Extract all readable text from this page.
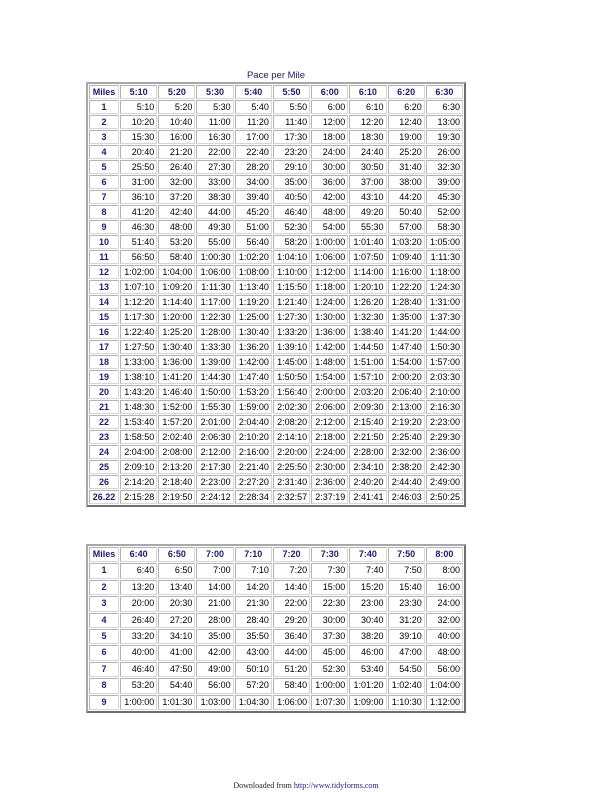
Pace per Mile
Miles	5:10	5:20	5:30	5:40	5:50	6:00	6:10	6:20	6:30
1	5:10	5:20	5:30	5:40	5:50	6:00	6:10	6:20	6:30
2	10:20	10:40	11:00	11:20	11:40	12:00	12:20	12:40	13:00
3	15:30	16:00	16:30	17:00	17:30	18:00	18:30	19:00	19:30
4	20:40	21:20	22:00	22:40	23:20	24:00	24:40	25:20	26:00
5	25:50	26:40	27:30	28:20	29:10	30:00	30:50	31:40	32:30
6	31:00	32:00	33:00	34:00	35:00	36:00	37:00	38:00	39:00
7	36:10	37:20	38:30	39:40	40:50	42:00	43:10	44:20	45:30
8	41:20	42:40	44:00	45:20	46:40	48:00	49:20	50:40	52:00
9	46:30	48:00	49:30	51:00	52:30	54:00	55:30	57:00	58:30
10	51:40	53:20	55:00	56:40	58:20	1:00:00	1:01:40	1:03:20	1:05:00
11	56:50	58:40	1:00:30	1:02:20	1:04:10	1:06:00	1:07:50	1:09:40	1:11:30
12	1:02:00	1:04:00	1:06:00	1:08:00	1:10:00	1:12:00	1:14:00	1:16:00	1:18:00
13	1:07:10	1:09:20	1:11:30	1:13:40	1:15:50	1:18:00	1:20:10	1:22:20	1:24:30
14	1:12:20	1:14:40	1:17:00	1:19:20	1:21:40	1:24:00	1:26:20	1:28:40	1:31:00
15	1:17:30	1:20:00	1:22:30	1:25:00	1:27:30	1:30:00	1:32:30	1:35:00	1:37:30
16	1:22:40	1:25:20	1:28:00	1:30:40	1:33:20	1:36:00	1:38:40	1:41:20	1:44:00
17	1:27:50	1:30:40	1:33:30	1:36:20	1:39:10	1:42:00	1:44:50	1:47:40	1:50:30
18	1:33:00	1:36:00	1:39:00	1:42:00	1:45:00	1:48:00	1:51:00	1:54:00	1:57:00
19	1:38:10	1:41:20	1:44:30	1:47:40	1:50:50	1:54:00	1:57:10	2:00:20	2:03:30
20	1:43:20	1:46:40	1:50:00	1:53:20	1:56:40	2:00:00	2:03:20	2:06:40	2:10:00
21	1:48:30	1:52:00	1:55:30	1:59:00	2:02:30	2:06:00	2:09:30	2:13:00	2:16:30
22	1:53:40	1:57:20	2:01:00	2:04:40	2:08:20	2:12:00	2:15:40	2:19:20	2:23:00
23	1:58:50	2:02:40	2:06:30	2:10:20	2:14:10	2:18:00	2:21:50	2:25:40	2:29:30
24	2:04:00	2:08:00	2:12:00	2:16:00	2:20:00	2:24:00	2:28:00	2:32:00	2:36:00
25	2:09:10	2:13:20	2:17:30	2:21:40	2:25:50	2:30:00	2:34:10	2:38:20	2:42:30
26	2:14:20	2:18:40	2:23:00	2:27:20	2:31:40	2:36:00	2:40:20	2:44:40	2:49:00
26.22	2:15:28	2:19:50	2:24:12	2:28:34	2:32:57	2:37:19	2:41:41	2:46:03	2:50:25
Miles	6:40	6:50	7:00	7:10	7:20	7:30	7:40	7:50	8:00
1	6:40	6:50	7:00	7:10	7:20	7:30	7:40	7:50	8:00
2	13:20	13:40	14:00	14:20	14:40	15:00	15:20	15:40	16:00
3	20:00	20:30	21:00	21:30	22:00	22:30	23:00	23:30	24:00
4	26:40	27:20	28:00	28:40	29:20	30:00	30:40	31:20	32:00
5	33:20	34:10	35:00	35:50	36:40	37:30	38:20	39:10	40:00
6	40:00	41:00	42:00	43:00	44:00	45:00	46:00	47:00	48:00
7	46:40	47:50	49:00	50:10	51:20	52:30	53:40	54:50	56:00
8	53:20	54:40	56:00	57:20	58:40	1:00:00	1:01:20	1:02:40	1:04:00
9	1:00:00	1:01:30	1:03:00	1:04:30	1:06:00	1:07:30	1:09:00	1:10:30	1:12:00
Downloaded from http://www.tidyforms.com
